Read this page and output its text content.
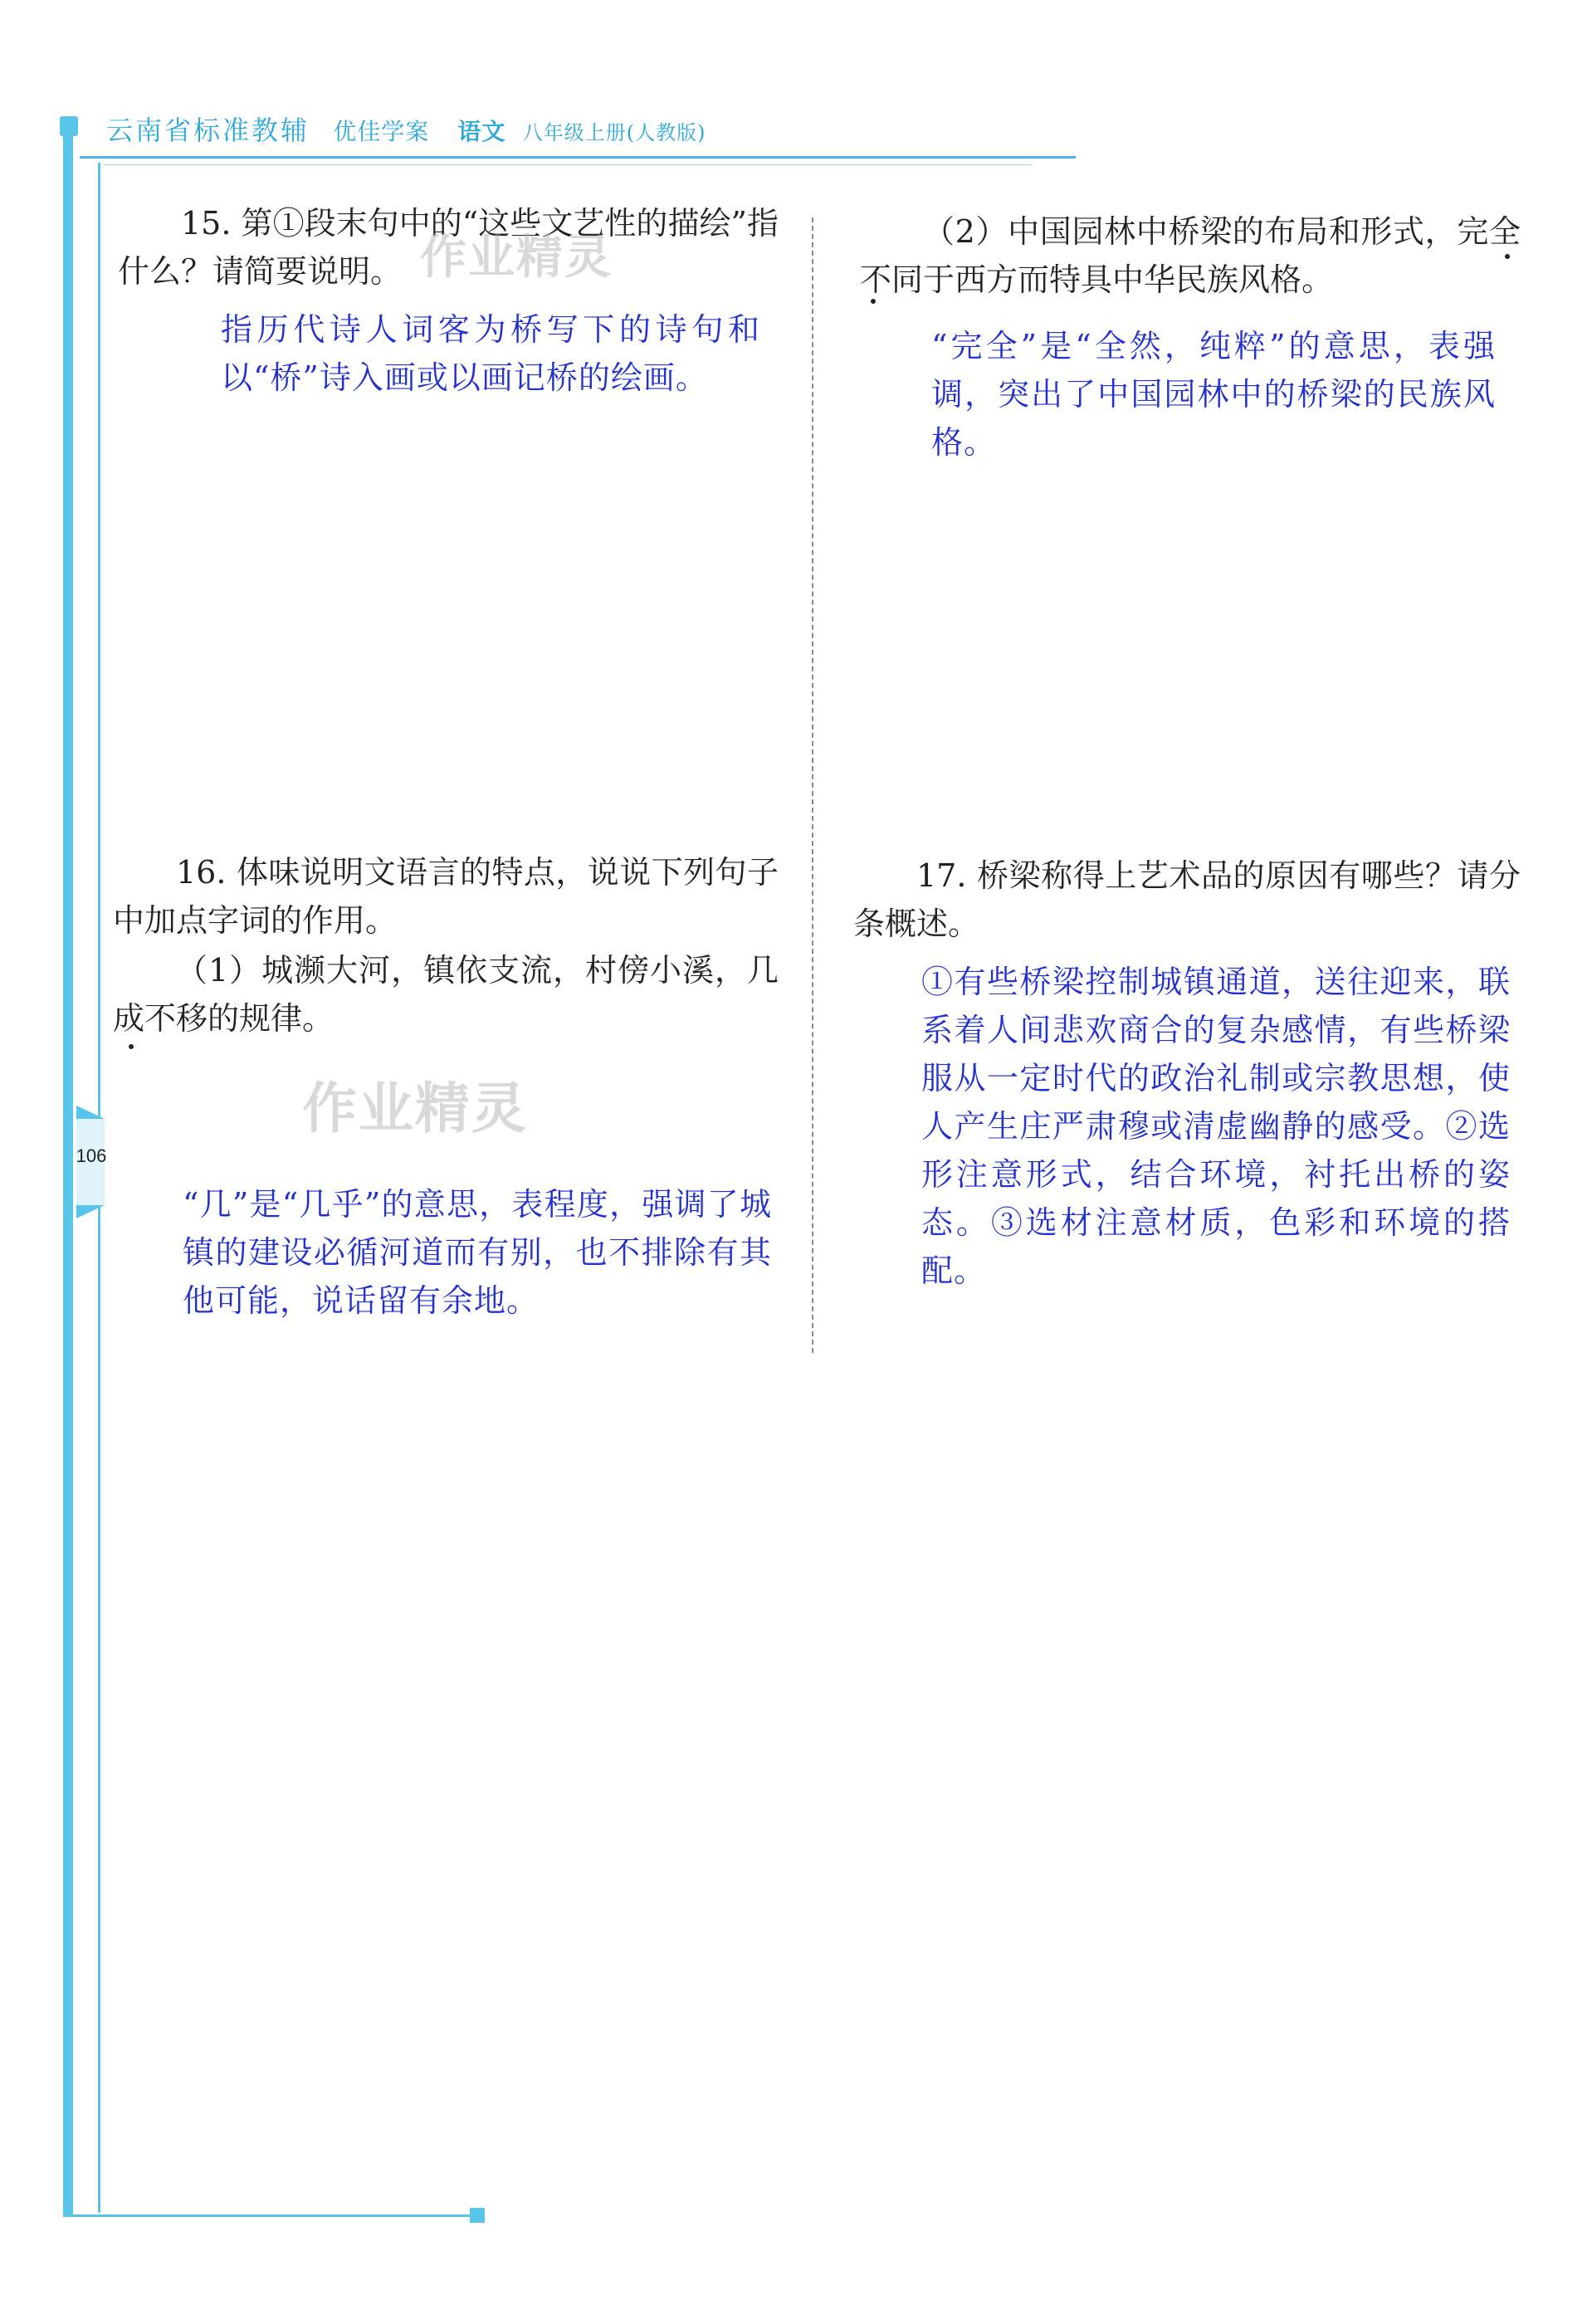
云南省标准教辅 优佳学案 语文 八年级上册(人教版)
106
15. 第①段末句中的“这些文艺性的描绘”指什么？请简要说明。
指历代诗人词客为桥写下的诗句和以“桥”诗入画或以画记桥的绘画。
作业精灵
16. 体味说明文语言的特点，说说下列句子中加点字词的作用。
（1）城濒大河，镇依支流，村傍小溪，几成不移的规律。
作业精灵
“几”是“几乎”的意思，表程度，强调了城镇的建设必循河道而有别，也不排除有其他可能，说话留有余地。
（2）中国园林中桥梁的布局和形式，完全不同于西方而特具中华民族风格。
“完全”是“全然，纯粹”的意思，表强调，突出了中国园林中的桥梁的民族风格。
17. 桥梁称得上艺术品的原因有哪些？请分条概述。
①有些桥梁控制城镇通道，送往迎来，联系着人间悲欢商合的复杂感情，有些桥梁服从一定时代的政治礼制或宗教思想，使人产生庄严肃穆或清虚幽静的感受。②选形注意形式，结合环境，衬托出桥的姿态。③选材注意材质，色彩和环境的搭配。
